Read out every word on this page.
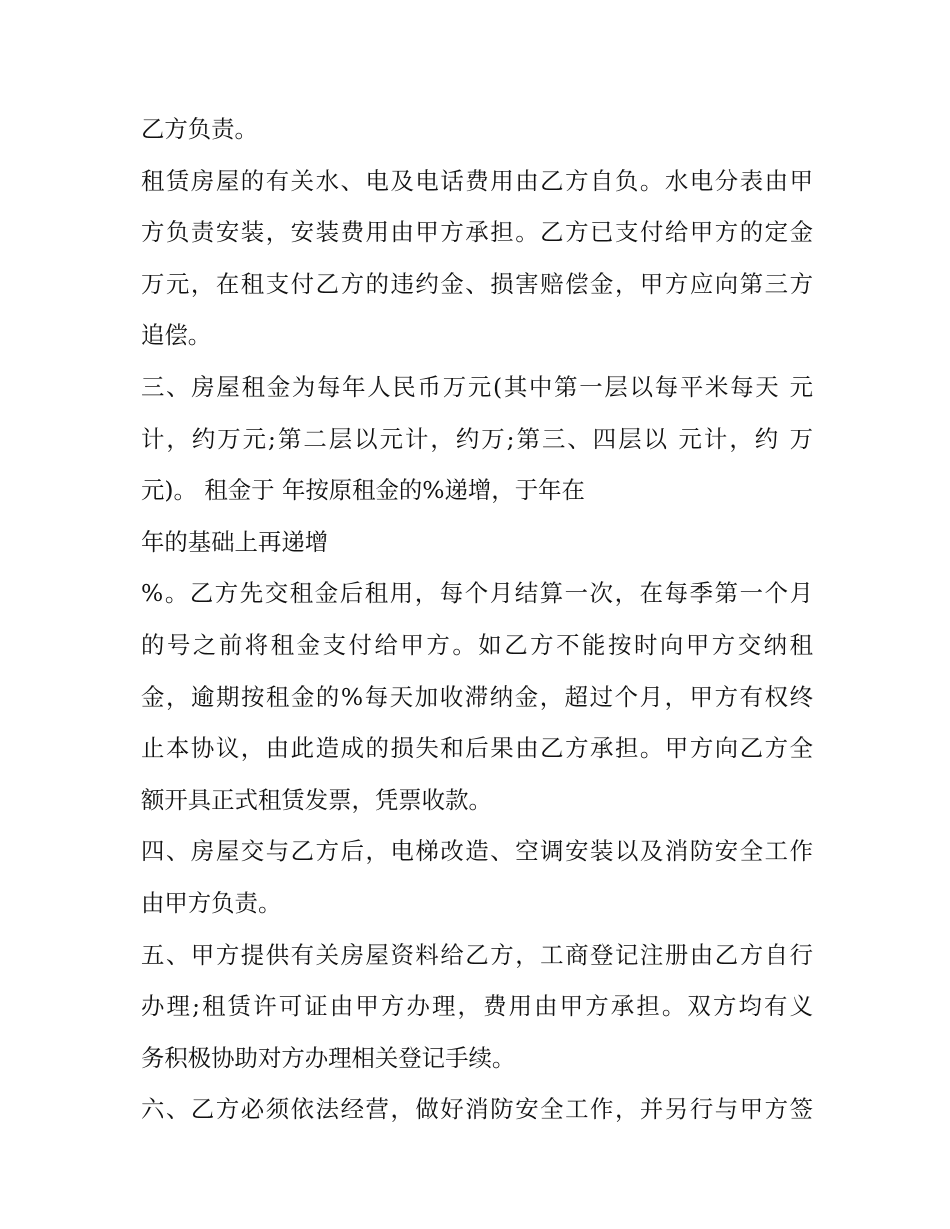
乙方负责。
租赁房屋的有关水、电及电话费用由乙方自负。水电分表由甲
方负责安装，安装费用由甲方承担。乙方已支付给甲方的定金
万元，在租支付乙方的违约金、损害赔偿金，甲方应向第三方
追偿。
三、房屋租金为每年人民币万元(其中第一层以每平米每天 元
计，约万元;第二层以元计，约万;第三、四层以 元计，约 万
元)。 租金于 年按原租金的%递增，于年在
年的基础上再递增
%。乙方先交租金后租用，每个月结算一次，在每季第一个月
的号之前将租金支付给甲方。如乙方不能按时向甲方交纳租
金，逾期按租金的%每天加收滞纳金，超过个月，甲方有权终
止本协议，由此造成的损失和后果由乙方承担。甲方向乙方全
额开具正式租赁发票，凭票收款。
四、房屋交与乙方后，电梯改造、空调安装以及消防安全工作
由甲方负责。
五、甲方提供有关房屋资料给乙方，工商登记注册由乙方自行
办理;租赁许可证由甲方办理，费用由甲方承担。双方均有义
务积极协助对方办理相关登记手续。
六、乙方必须依法经营，做好消防安全工作，并另行与甲方签
